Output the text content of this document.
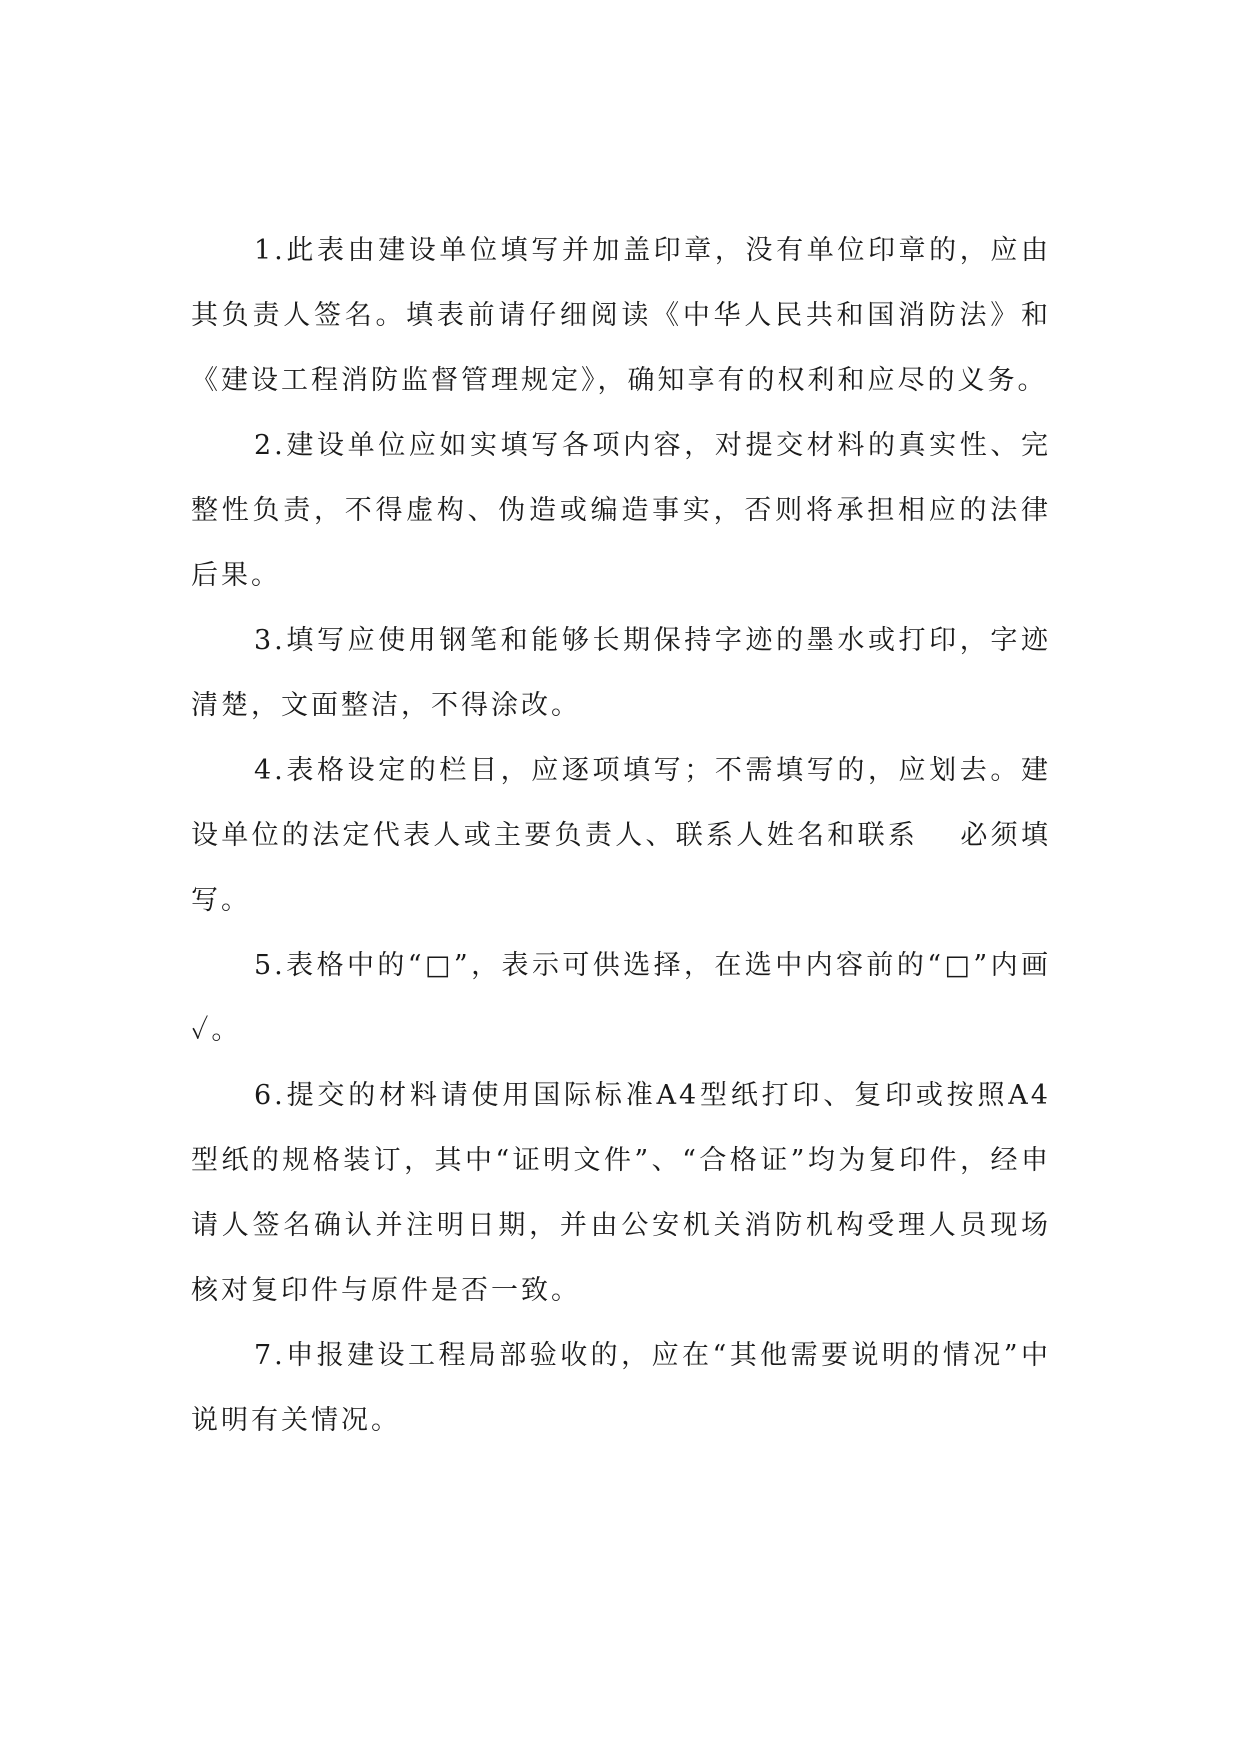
1.此表由建设单位填写并加盖印章，没有单位印章的，应由其负责人签名。填表前请仔细阅读《中华人民共和国消防法》和《建设工程消防监督管理规定》，确知享有的权利和应尽的义务。

2.建设单位应如实填写各项内容，对提交材料的真实性、完整性负责，不得虚构、伪造或编造事实，否则将承担相应的法律后果。

3.填写应使用钢笔和能够长期保持字迹的墨水或打印，字迹清楚，文面整洁，不得涂改。

4.表格设定的栏目，应逐项填写；不需填写的，应划去。建设单位的法定代表人或主要负责人、联系人姓名和联系　 必须填写。

5.表格中的“□”，表示可供选择，在选中内容前的“□”内画✓。

6.提交的材料请使用国际标准A4型纸打印、复印或按照A4型纸的规格装订，其中“证明文件”、“合格证”均为复印件，经申请人签名确认并注明日期，并由公安机关消防机构受理人员现场核对复印件与原件是否一致。

7.申报建设工程局部验收的，应在“其他需要说明的情况”中说明有关情况。
